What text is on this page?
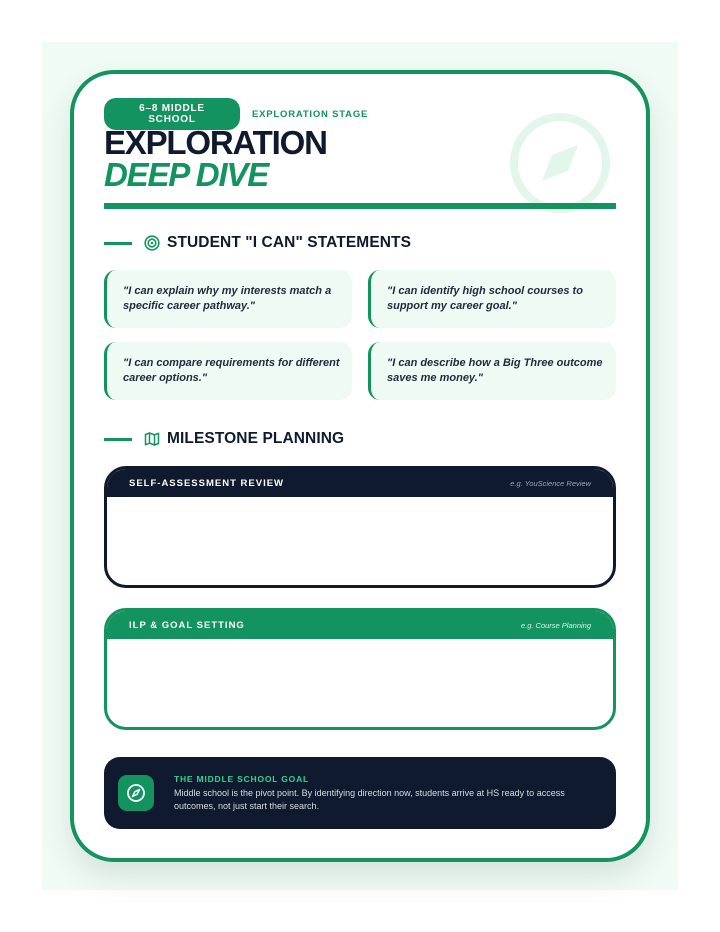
6–8 MIDDLE SCHOOL	EXPLORATION STAGE
EXPLORATION
DEEP DIVE
STUDENT "I CAN" STATEMENTS
"I can explain why my interests match a specific career pathway."
"I can identify high school courses to support my career goal."
"I can compare requirements for different career options."
"I can describe how a Big Three outcome saves me money."
MILESTONE PLANNING
SELF-ASSESSMENT REVIEW	e.g. YouScience Review
ILP & GOAL SETTING	e.g. Course Planning
THE MIDDLE SCHOOL GOAL
Middle school is the pivot point. By identifying direction now, students arrive at HS ready to access outcomes, not just start their search.
